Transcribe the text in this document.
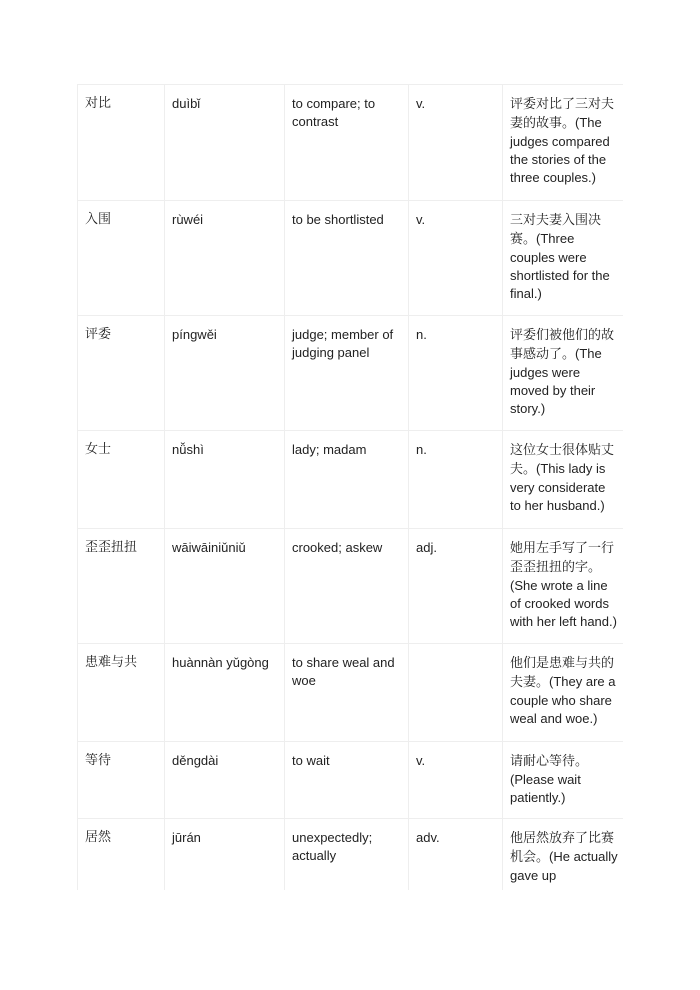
对比	duìbǐ	to compare; to contrast	v.	评委对比了三对夫妻的故事。(The judges compared the stories of the three couples.)
入围	rùwéi	to be shortlisted	v.	三对夫妻入围决赛。(Three couples were shortlisted for the final.)
评委	píngwěi	judge; member of judging panel	n.	评委们被他们的故事感动了。(The judges were moved by their story.)
女士	nǚshì	lady; madam	n.	这位女士很体贴丈夫。(This lady is very considerate to her husband.)
歪歪扭扭	wāiwāiniǔniǔ	crooked; askew	adj.	她用左手写了一行歪歪扭扭的字。(She wrote a line of crooked words with her left hand.)
患难与共	huànnàn yǔgòng	to share weal and woe		他们是患难与共的夫妻。(They are a couple who share weal and woe.)
等待	děngdài	to wait	v.	请耐心等待。(Please wait patiently.)
居然	jūrán	unexpectedly; actually	adv.	他居然放弃了比赛机会。(He actually gave up
